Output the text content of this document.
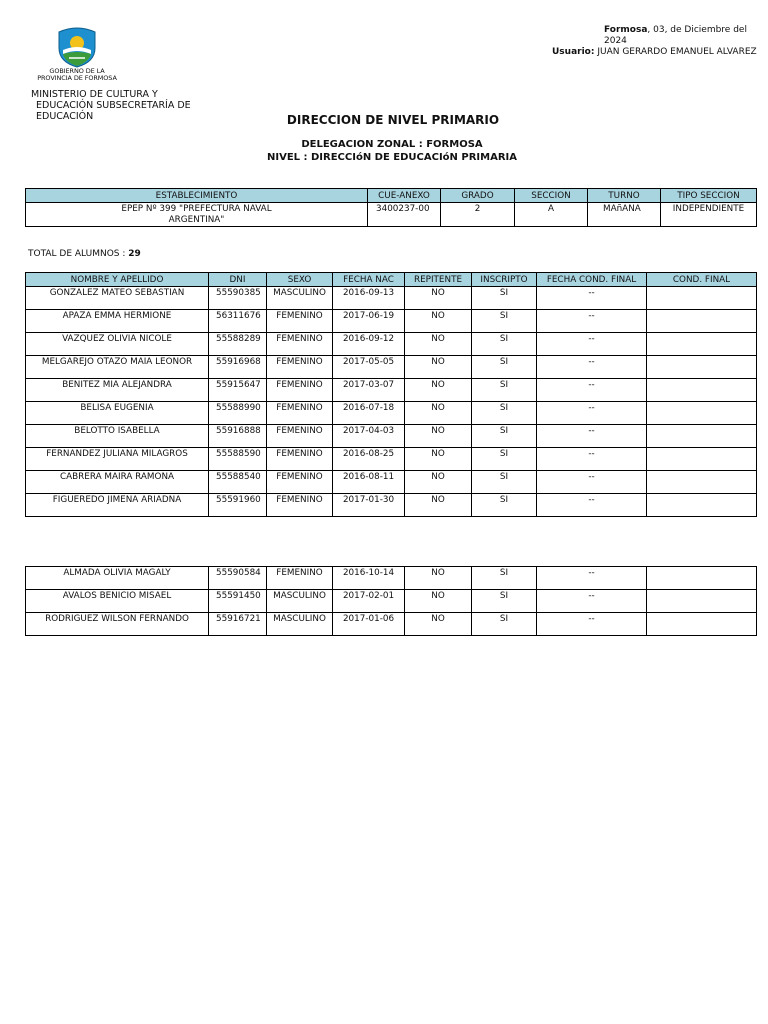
GOBIERNO DE LA
PROVINCIA DE FORMOSA
MINISTERIO DE CULTURA Y
EDUCACIÓN SUBSECRETARÍA DE
EDUCACIÓN
Formosa, 03, de Diciembre del
2024
Usuario: JUAN GERARDO EMANUEL ALVAREZ
DIRECCION DE NIVEL PRIMARIO
DELEGACION ZONAL : FORMOSA
NIVEL : DIRECCIóN DE EDUCACIóN PRIMARIA
ESTABLECIMIENTO	CUE-ANEXO	GRADO	SECCION	TURNO	TIPO SECCION
EPEP Nº 399 "PREFECTURA NAVAL ARGENTINA"	3400237-00	2	A	MAñANA	INDEPENDIENTE
TOTAL DE ALUMNOS : 29
NOMBRE Y APELLIDO	DNI	SEXO	FECHA NAC	REPITENTE	INSCRIPTO	FECHA COND. FINAL	COND. FINAL
GONZALEZ MATEO SEBASTIAN	55590385	MASCULINO	2016-09-13	NO	SI	--	
APAZA EMMA HERMIONE	56311676	FEMENINO	2017-06-19	NO	SI	--	
VAZQUEZ OLIVIA NICOLE	55588289	FEMENINO	2016-09-12	NO	SI	--	
MELGAREJO OTAZO MAIA LEONOR	55916968	FEMENINO	2017-05-05	NO	SI	--	
BENITEZ MIA ALEJANDRA	55915647	FEMENINO	2017-03-07	NO	SI	--	
BELISA EUGENIA	55588990	FEMENINO	2016-07-18	NO	SI	--	
BELOTTO ISABELLA	55916888	FEMENINO	2017-04-03	NO	SI	--	
FERNANDEZ JULIANA MILAGROS	55588590	FEMENINO	2016-08-25	NO	SI	--	
CABRERA MAIRA RAMONA	55588540	FEMENINO	2016-08-11	NO	SI	--	
FIGUEREDO JIMENA ARIADNA	55591960	FEMENINO	2017-01-30	NO	SI	--	
ALMADA OLIVIA MAGALY	55590584	FEMENINO	2016-10-14	NO	SI	--	
AVALOS BENICIO MISAEL	55591450	MASCULINO	2017-02-01	NO	SI	--	
RODRIGUEZ WILSON FERNANDO	55916721	MASCULINO	2017-01-06	NO	SI	--	
